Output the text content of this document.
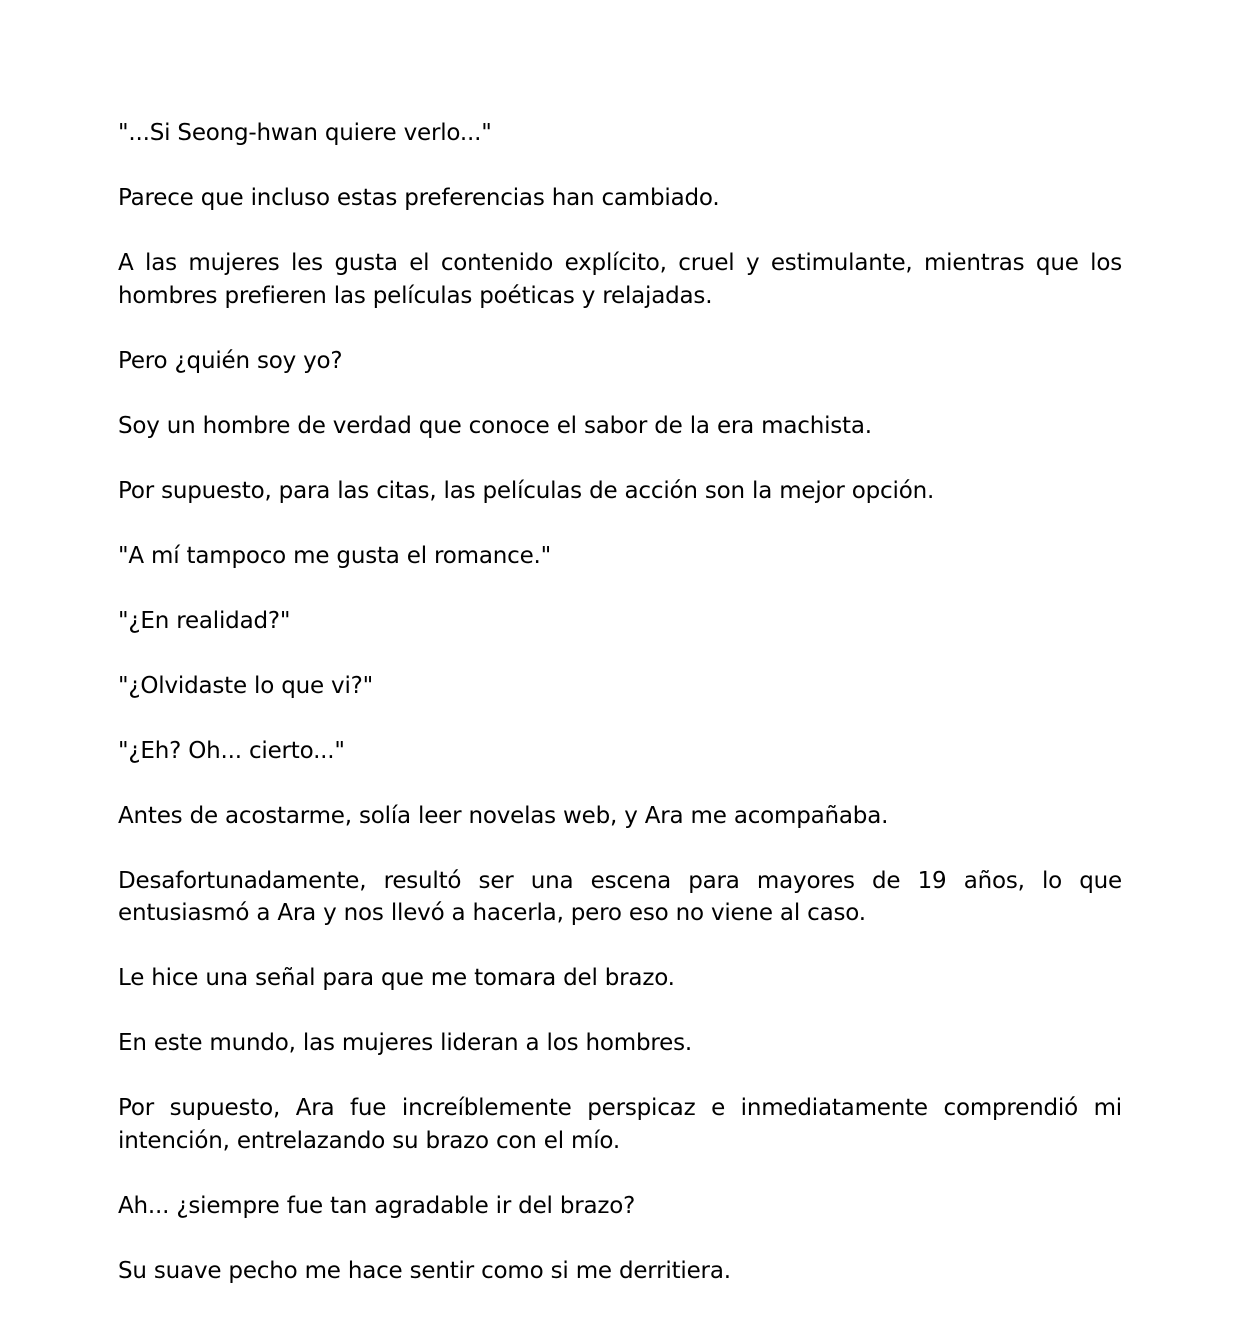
"...Si Seong-hwan quiere verlo..."

Parece que incluso estas preferencias han cambiado.

A las mujeres les gusta el contenido explícito, cruel y estimulante, mientras que los hombres prefieren las películas poéticas y relajadas.

Pero ¿quién soy yo?

Soy un hombre de verdad que conoce el sabor de la era machista.

Por supuesto, para las citas, las películas de acción son la mejor opción.

"A mí tampoco me gusta el romance."

"¿En realidad?"

"¿Olvidaste lo que vi?"

"¿Eh? Oh... cierto..."

Antes de acostarme, solía leer novelas web, y Ara me acompañaba.

Desafortunadamente, resultó ser una escena para mayores de 19 años, lo que entusiasmó a Ara y nos llevó a hacerla, pero eso no viene al caso.

Le hice una señal para que me tomara del brazo.

En este mundo, las mujeres lideran a los hombres.

Por supuesto, Ara fue increíblemente perspicaz e inmediatamente comprendió mi intención, entrelazando su brazo con el mío.

Ah... ¿siempre fue tan agradable ir del brazo?

Su suave pecho me hace sentir como si me derritiera.
